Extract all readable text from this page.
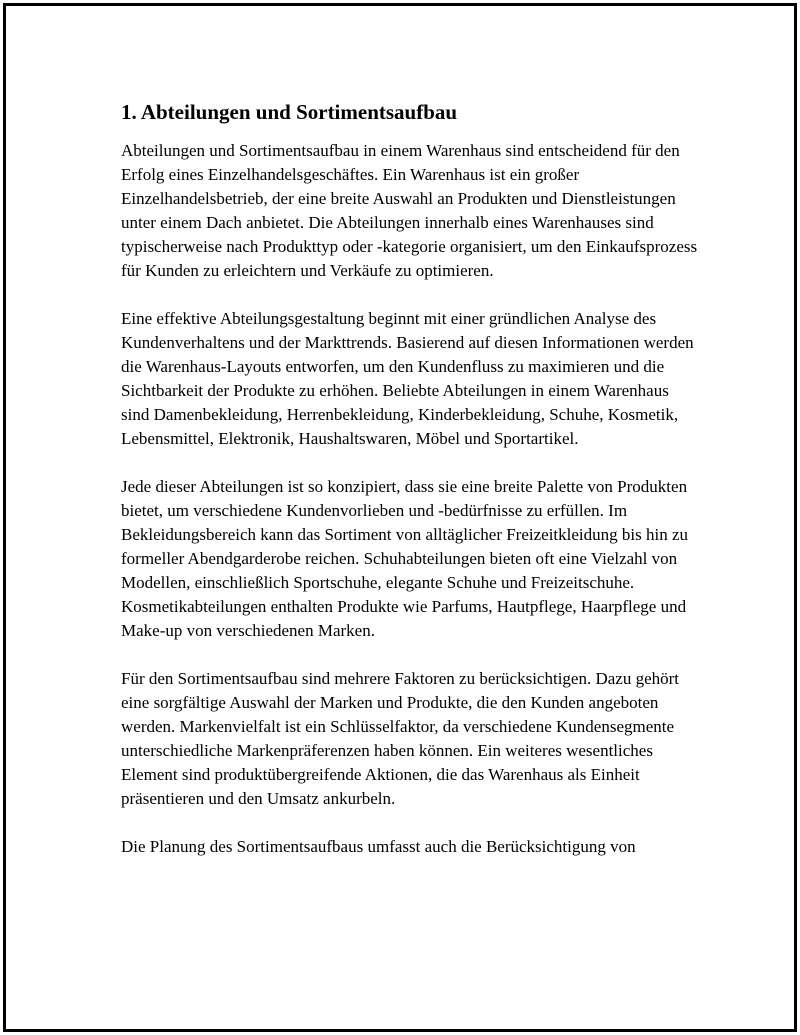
1. Abteilungen und Sortimentsaufbau

Abteilungen und Sortimentsaufbau in einem Warenhaus sind entscheidend für den Erfolg eines Einzelhandelsgeschäftes. Ein Warenhaus ist ein großer Einzelhandelsbetrieb, der eine breite Auswahl an Produkten und Dienstleistungen unter einem Dach anbietet. Die Abteilungen innerhalb eines Warenhauses sind typischerweise nach Produkttyp oder -kategorie organisiert, um den Einkaufsprozess für Kunden zu erleichtern und Verkäufe zu optimieren.

Eine effektive Abteilungsgestaltung beginnt mit einer gründlichen Analyse des Kundenverhaltens und der Markttrends. Basierend auf diesen Informationen werden die Warenhaus-Layouts entworfen, um den Kundenfluss zu maximieren und die Sichtbarkeit der Produkte zu erhöhen. Beliebte Abteilungen in einem Warenhaus sind Damenbekleidung, Herrenbekleidung, Kinderbekleidung, Schuhe, Kosmetik, Lebensmittel, Elektronik, Haushaltswaren, Möbel und Sportartikel.

Jede dieser Abteilungen ist so konzipiert, dass sie eine breite Palette von Produkten bietet, um verschiedene Kundenvorlieben und -bedürfnisse zu erfüllen. Im Bekleidungsbereich kann das Sortiment von alltäglicher Freizeitkleidung bis hin zu formeller Abendgarderobe reichen. Schuhabteilungen bieten oft eine Vielzahl von Modellen, einschließlich Sportschuhe, elegante Schuhe und Freizeitschuhe. Kosmetikabteilungen enthalten Produkte wie Parfums, Hautpflege, Haarpflege und Make-up von verschiedenen Marken.

Für den Sortimentsaufbau sind mehrere Faktoren zu berücksichtigen. Dazu gehört eine sorgfältige Auswahl der Marken und Produkte, die den Kunden angeboten werden. Markenvielfalt ist ein Schlüsselfaktor, da verschiedene Kundensegmente unterschiedliche Markenpräferenzen haben können. Ein weiteres wesentliches Element sind produktübergreifende Aktionen, die das Warenhaus als Einheit präsentieren und den Umsatz ankurbeln.

Die Planung des Sortimentsaufbaus umfasst auch die Berücksichtigung von
